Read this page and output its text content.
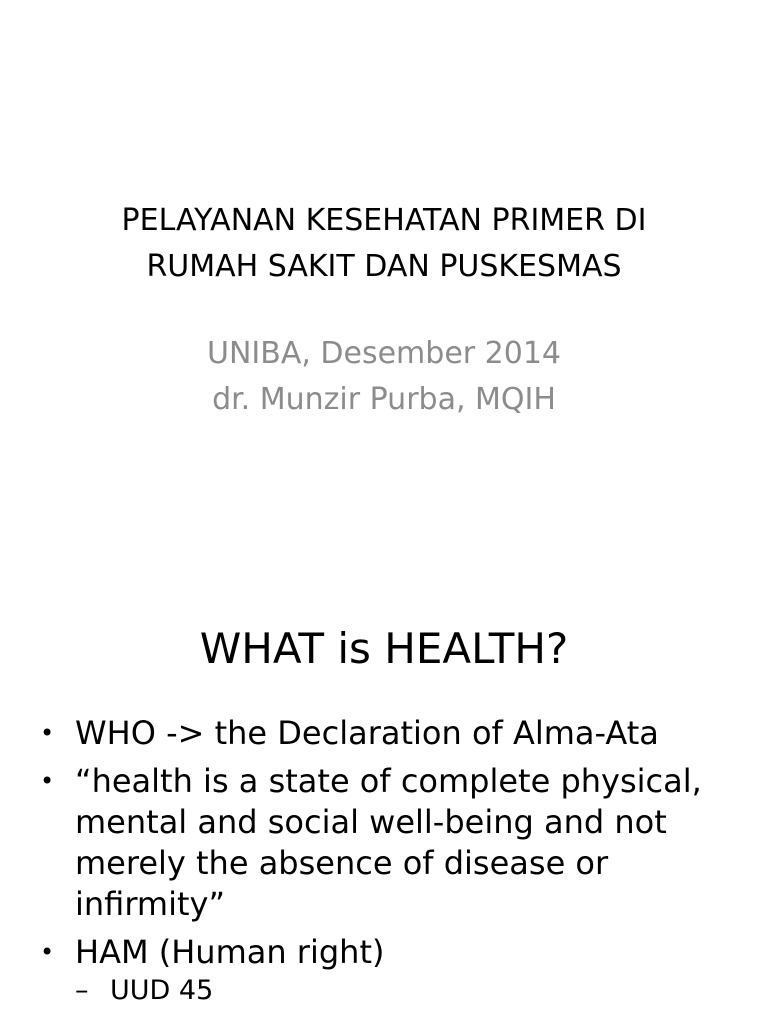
PELAYANAN KESEHATAN PRIMER DI
RUMAH SAKIT DAN PUSKESMAS
UNIBA, Desember 2014
dr. Munzir Purba, MQIH
WHAT is HEALTH?
• WHO -> the Declaration of Alma-Ata
• “health is a state of complete physical, mental and social well-being and not merely the absence of disease or infirmity”
• HAM (Human right)
– UUD 45
